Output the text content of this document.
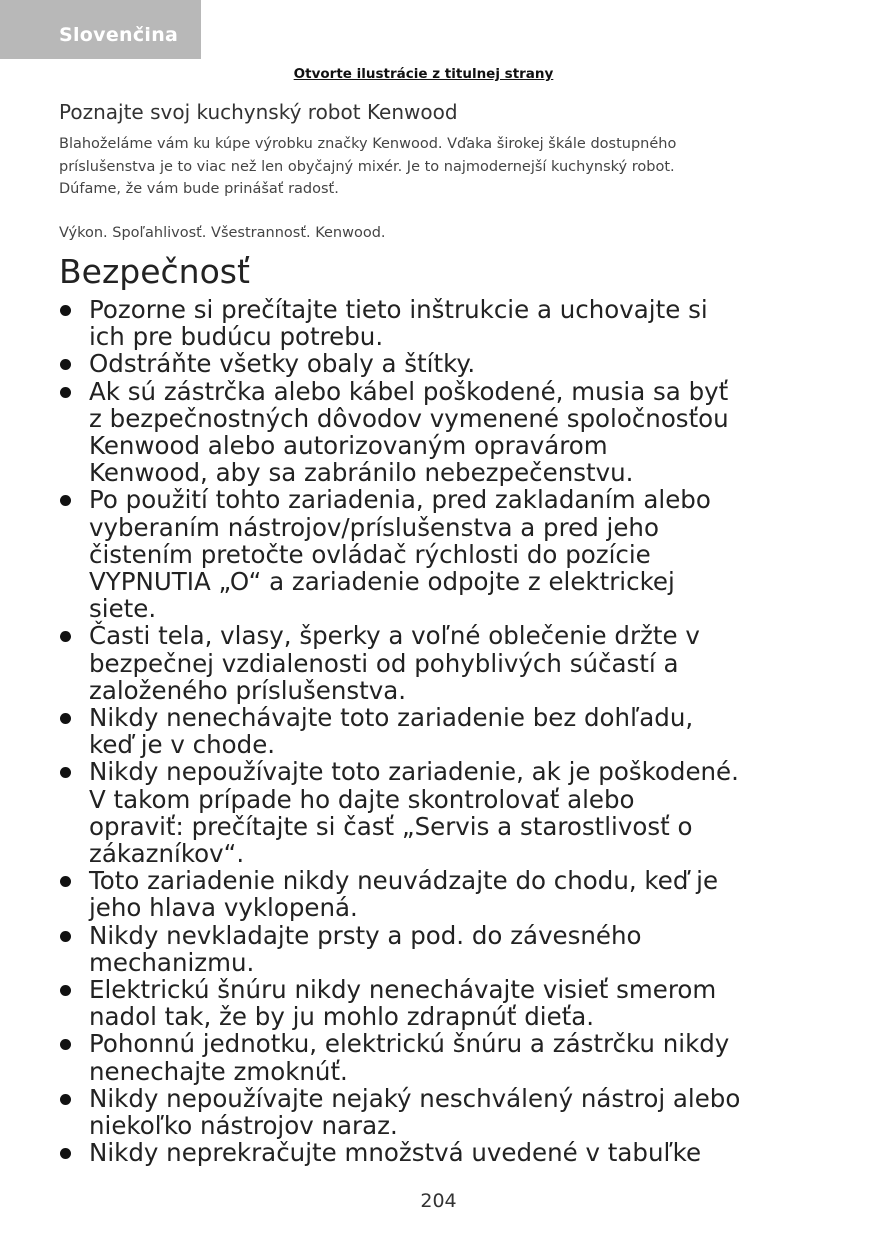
Slovenčina
Otvorte ilustrácie z titulnej strany
Poznajte svoj kuchynský robot Kenwood

Blahoželáme vám ku kúpe výrobku značky Kenwood. Vďaka širokej škále dostupného
príslušenstva je to viac než len obyčajný mixér. Je to najmodernejší kuchynský robot.
Dúfame, že vám bude prinášať radosť.

Výkon. Spoľahlivosť. Všestrannosť. Kenwood.

Bezpečnosť
Pozorne si prečítajte tieto inštrukcie a uchovajte si
ich pre budúcu potrebu.
Odstráňte všetky obaly a štítky.
Ak sú zástrčka alebo kábel poškodené, musia sa byť
z bezpečnostných dôvodov vymenené spoločnosťou
Kenwood alebo autorizovaným opravárom
Kenwood, aby sa zabránilo nebezpečenstvu.
Po použití tohto zariadenia, pred zakladaním alebo
vyberaním nástrojov/príslušenstva a pred jeho
čistením pretočte ovládač rýchlosti do pozície
VYPNUTIA „O“ a zariadenie odpojte z elektrickej
siete.
Časti tela, vlasy, šperky a voľné oblečenie držte v
bezpečnej vzdialenosti od pohyblivých súčastí a
založeného príslušenstva.
Nikdy nenechávajte toto zariadenie bez dohľadu,
keď je v chode.
Nikdy nepoužívajte toto zariadenie, ak je poškodené.
V takom prípade ho dajte skontrolovať alebo
opraviť: prečítajte si časť „Servis a starostlivosť o
zákazníkov“.
Toto zariadenie nikdy neuvádzajte do chodu, keď je
jeho hlava vyklopená.
Nikdy nevkladajte prsty a pod. do závesného
mechanizmu.
Elektrickú šnúru nikdy nenechávajte visieť smerom
nadol tak, že by ju mohlo zdrapnúť dieťa.
Pohonnú jednotku, elektrickú šnúru a zástrčku nikdy
nenechajte zmoknúť.
Nikdy nepoužívajte nejaký neschválený nástroj alebo
niekoľko nástrojov naraz.
Nikdy neprekračujte množstvá uvedené v tabuľke
204
